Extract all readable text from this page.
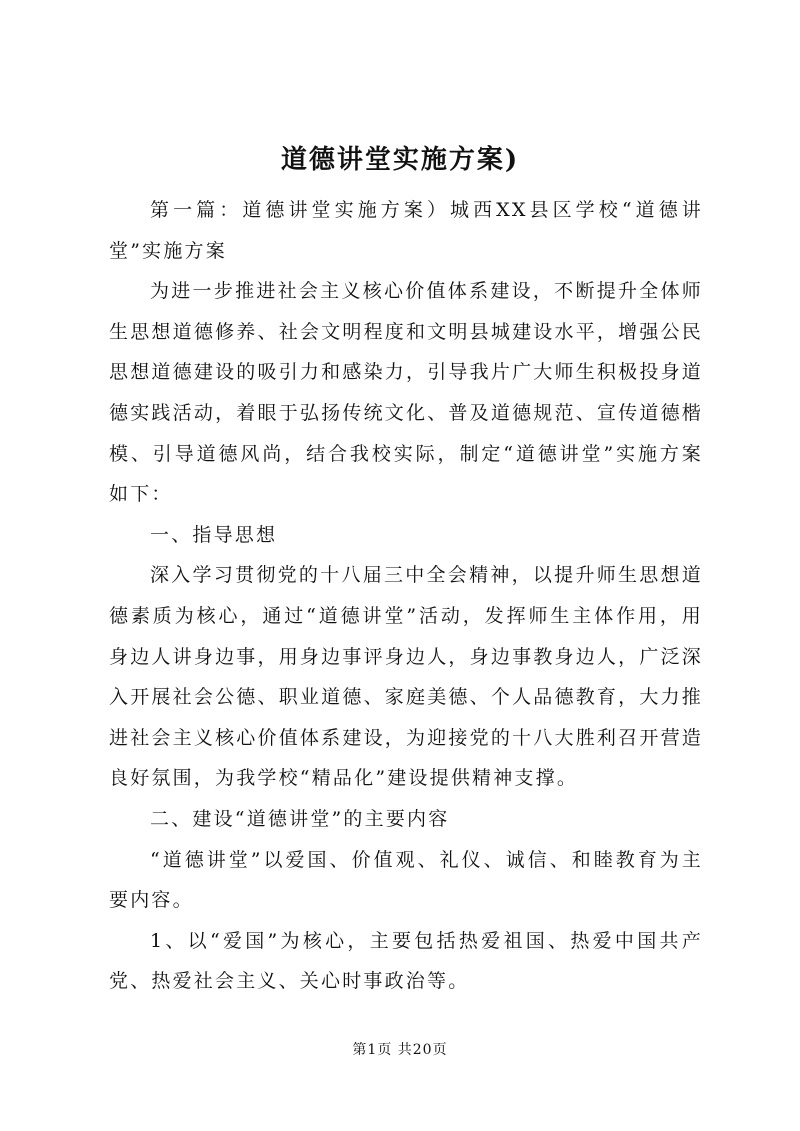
道德讲堂实施方案)

第一篇：道德讲堂实施方案）城西XX县区学校“道德讲堂”实施方案

为进一步推进社会主义核心价值体系建设，不断提升全体师生思想道德修养、社会文明程度和文明县城建设水平，增强公民思想道德建设的吸引力和感染力，引导我片广大师生积极投身道德实践活动，着眼于弘扬传统文化、普及道德规范、宣传道德楷模、引导道德风尚，结合我校实际，制定“道德讲堂”实施方案如下：

一、指导思想

深入学习贯彻党的十八届三中全会精神，以提升师生思想道德素质为核心，通过“道德讲堂”活动，发挥师生主体作用，用身边人讲身边事，用身边事评身边人，身边事教身边人，广泛深入开展社会公德、职业道德、家庭美德、个人品德教育，大力推进社会主义核心价值体系建设，为迎接党的十八大胜利召开营造良好氛围，为我学校“精品化”建设提供精神支撑。

二、建设“道德讲堂”的主要内容

“道德讲堂”以爱国、价值观、礼仪、诚信、和睦教育为主要内容。

1、以“爱国”为核心，主要包括热爱祖国、热爱中国共产党、热爱社会主义、关心时事政治等。

第1页 共20页
